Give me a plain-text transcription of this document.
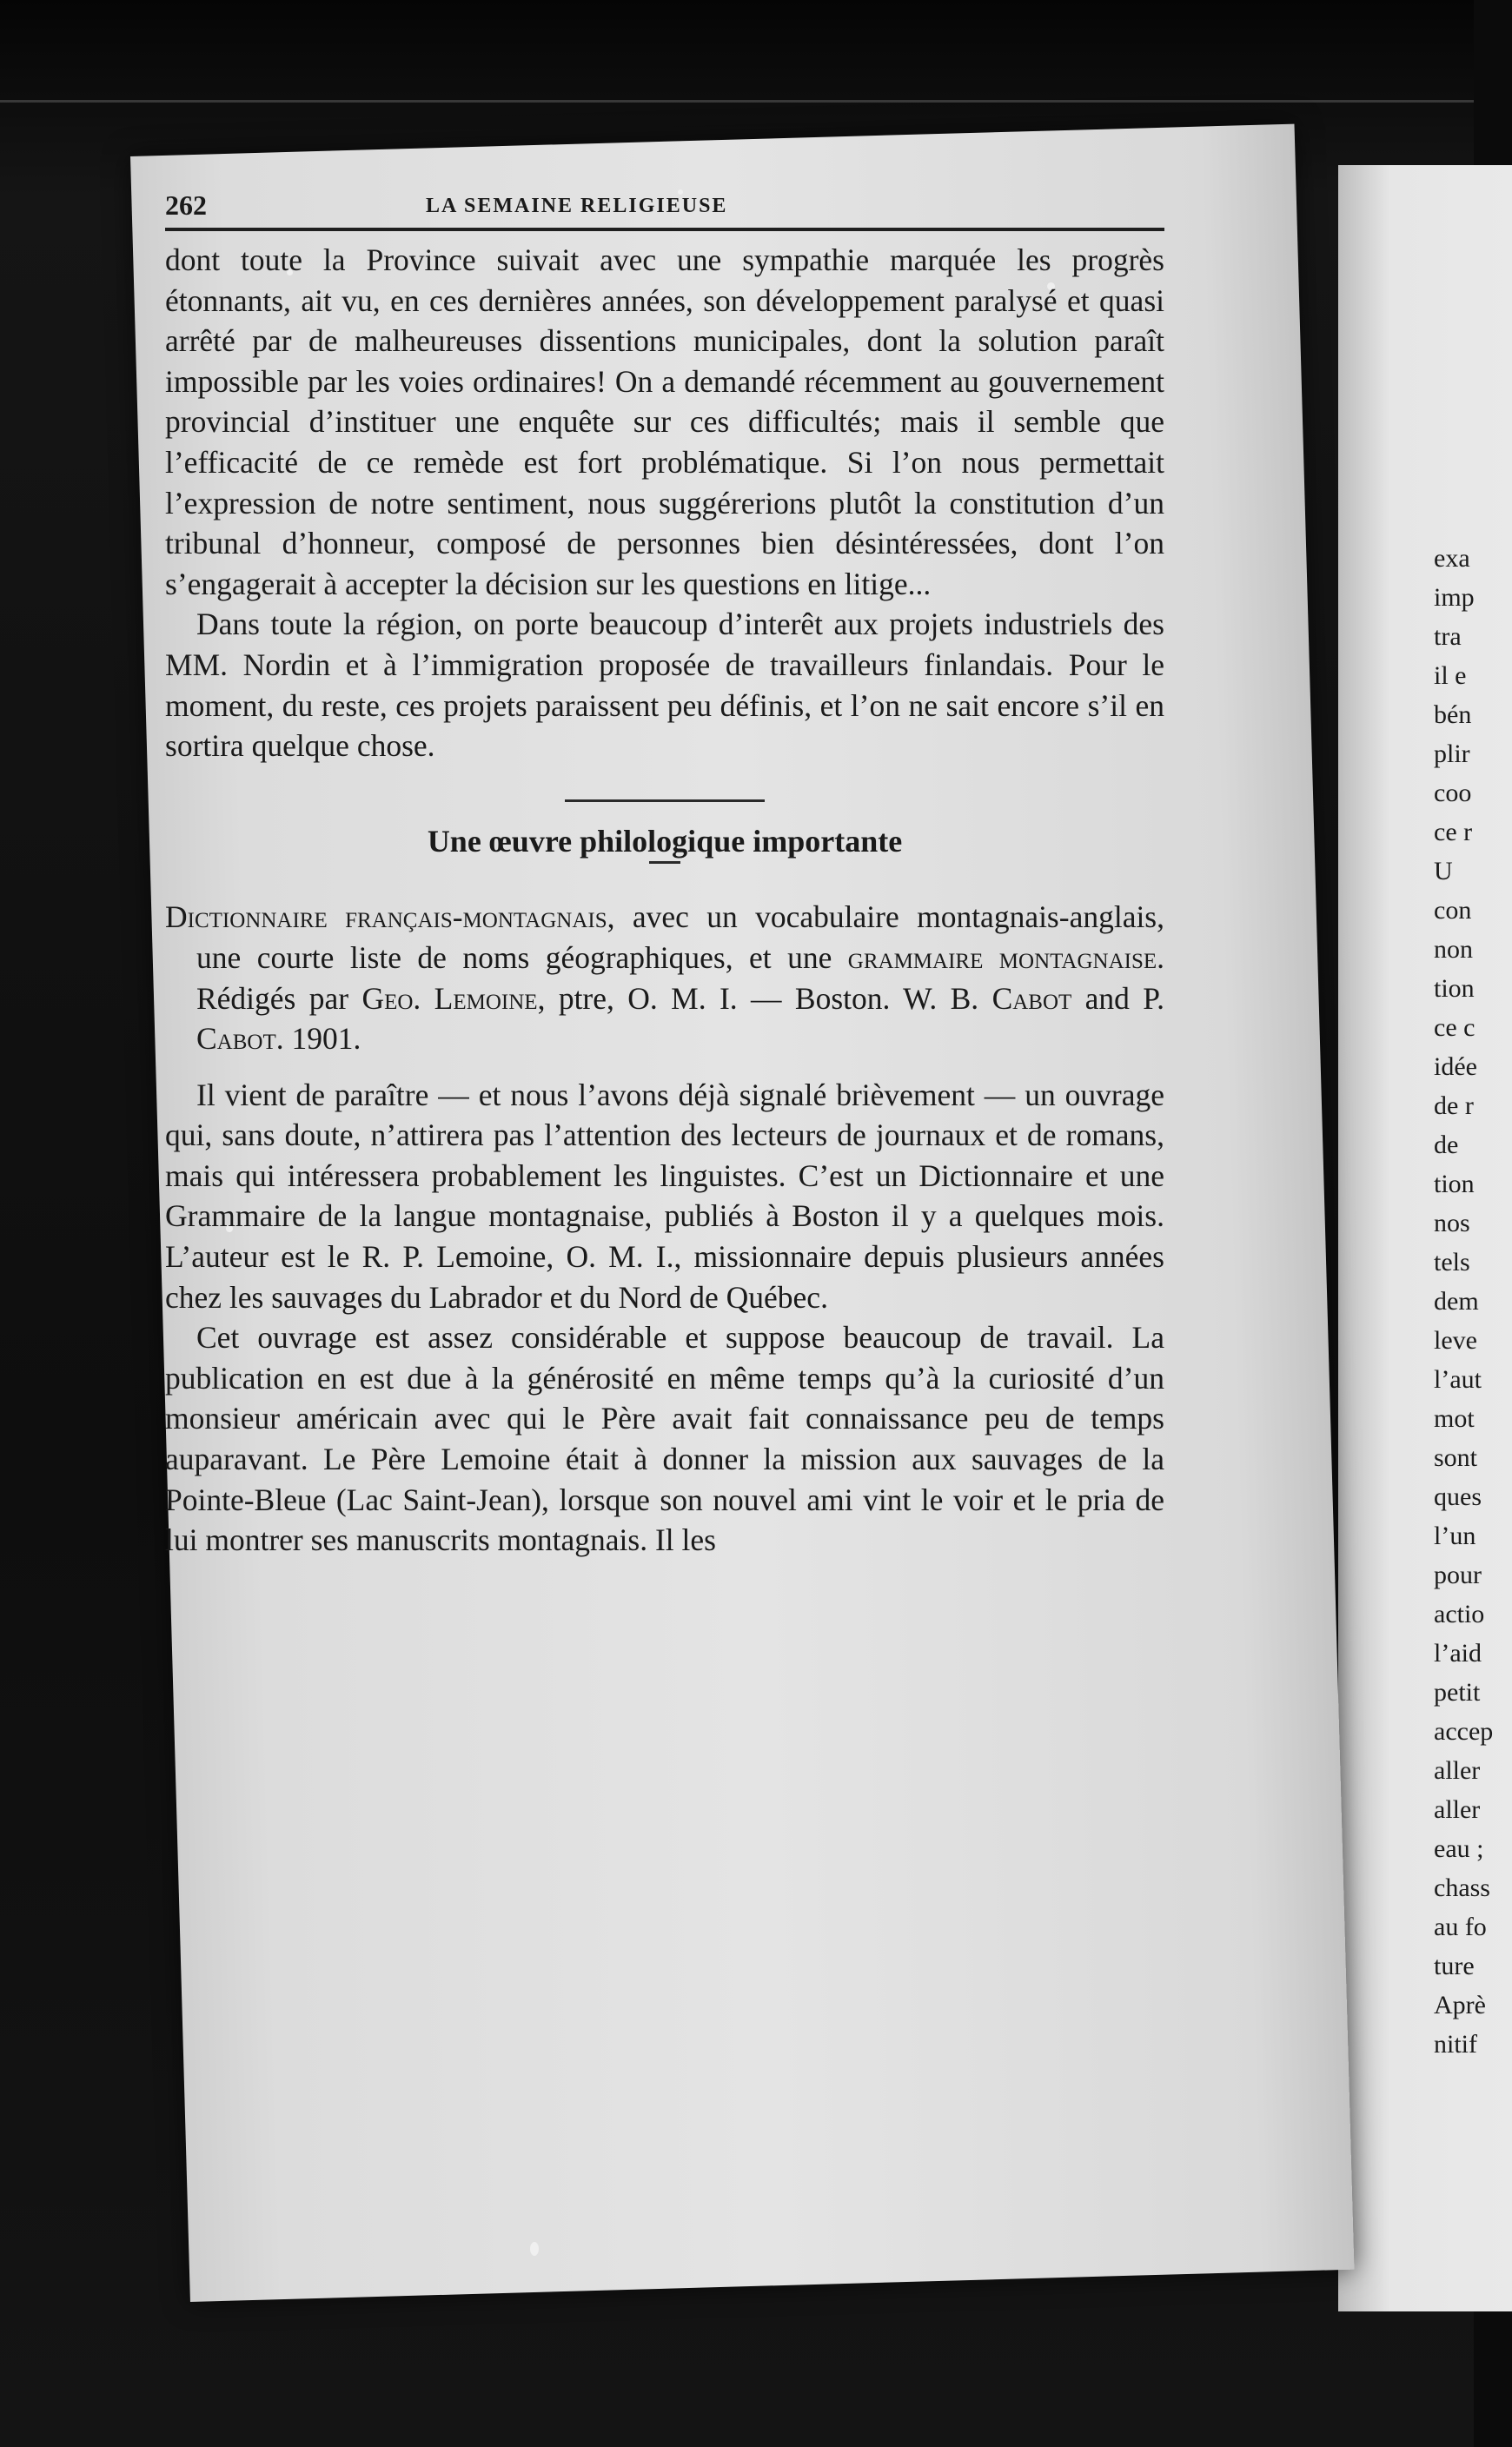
exa
imp
tra
il e
bén
plir
coo
ce r
U
con
non
tion
ce c
idée
de r
de
tion
nos
tels
dem
leve
l’aut
mot
sont
ques
l’un
pour
actio
l’aid
petit
accep
aller
aller
eau ;
chass
au fo
ture
Aprè
nitif
262	LA SEMAINE RELIGIEUSE

dont toute la Province suivait avec une sympathie marquée les progrès étonnants, ait vu, en ces dernières années, son développement paralysé et quasi arrêté par de malheureuses dissentions municipales, dont la solution paraît impossible par les voies ordinaires! On a demandé récemment au gouvernement provincial d’instituer une enquête sur ces difficultés; mais il semble que l’efficacité de ce remède est fort problématique. Si l’on nous permettait l’expression de notre sentiment, nous suggérerions plutôt la constitution d’un tribunal d’honneur, composé de personnes bien désintéressées, dont l’on s’engagerait à accepter la décision sur les questions en litige...

Dans toute la région, on porte beaucoup d’interêt aux projets industriels des MM. Nordin et à l’immigration proposée de travailleurs finlandais. Pour le moment, du reste, ces projets paraissent peu définis, et l’on ne sait encore s’il en sortira quelque chose.

Une œuvre philologique importante

Dictionnaire français-montagnais, avec un vocabulaire montagnais-anglais, une courte liste de noms géographiques, et une grammaire montagnaise. Rédigés par Geo. Lemoine, ptre, O. M. I. — Boston. W. B. Cabot and P. Cabot. 1901.

Il vient de paraître — et nous l’avons déjà signalé brièvement — un ouvrage qui, sans doute, n’attirera pas l’attention des lecteurs de journaux et de romans, mais qui intéressera probablement les linguistes. C’est un Dictionnaire et une Grammaire de la langue montagnaise, publiés à Boston il y a quelques mois. L’auteur est le R. P. Lemoine, O. M. I., missionnaire depuis plusieurs années chez les sauvages du Labrador et du Nord de Québec.

Cet ouvrage est assez considérable et suppose beaucoup de travail. La publication en est due à la générosité en même temps qu’à la curiosité d’un monsieur américain avec qui le Père avait fait connaissance peu de temps auparavant. Le Père Lemoine était à donner la mission aux sauvages de la Pointe-Bleue (Lac Saint-Jean), lorsque son nouvel ami vint le voir et le pria de lui montrer ses manuscrits montagnais. Il les
